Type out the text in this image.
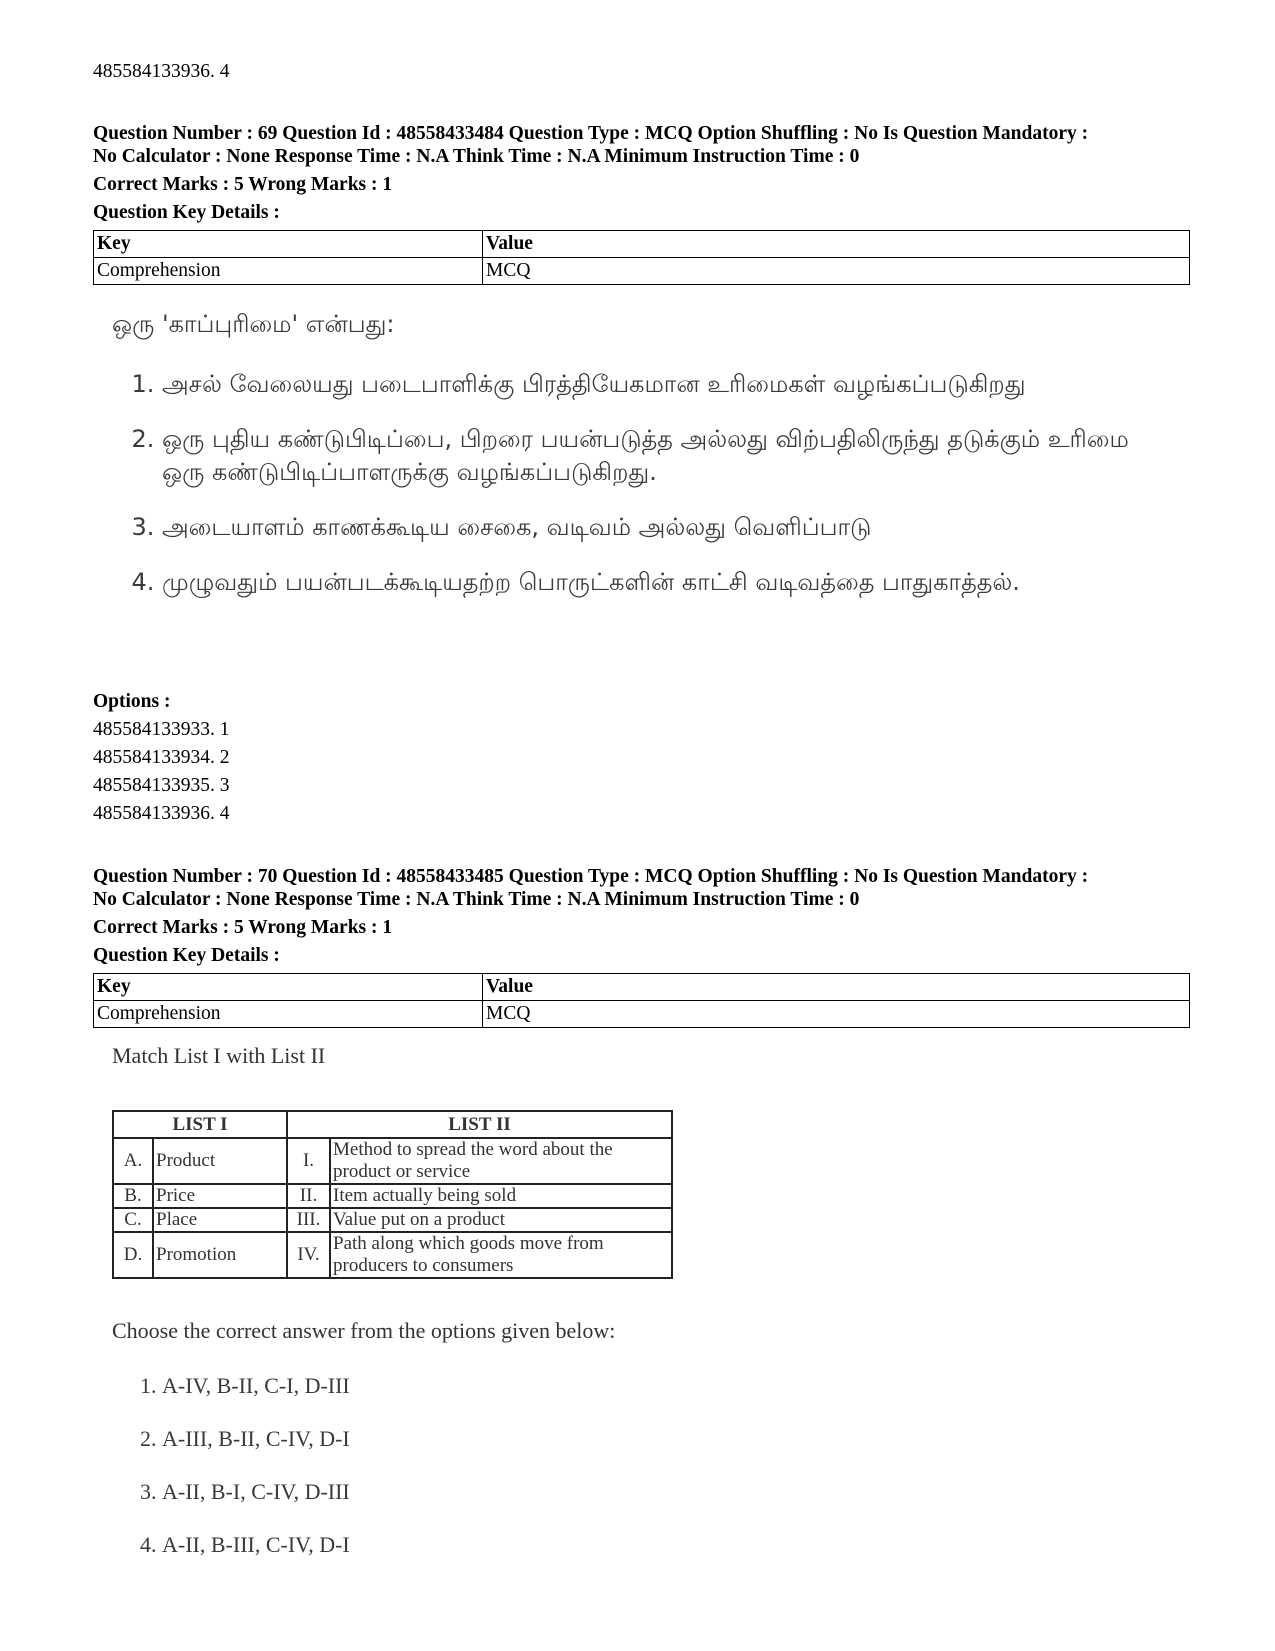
485584133936. 4
Question Number : 69 Question Id : 48558433484 Question Type : MCQ Option Shuffling : No Is Question Mandatory :
No Calculator : None Response Time : N.A Think Time : N.A Minimum Instruction Time : 0
Correct Marks : 5 Wrong Marks : 1
Question Key Details :
Key	Value
Comprehension	MCQ
ஒரு 'காப்புரிமை' என்பது:
1. அசல் வேலையது படைபாளிக்கு பிரத்தியேகமான உரிமைகள் வழங்கப்படுகிறது
2. ஒரு புதிய கண்டுபிடிப்பை, பிறரை பயன்படுத்த அல்லது விற்பதிலிருந்து தடுக்கும் உரிமை ஒரு கண்டுபிடிப்பாளருக்கு வழங்கப்படுகிறது.
3. அடையாளம் காணக்கூடிய சைகை, வடிவம் அல்லது வெளிப்பாடு
4. முழுவதும் பயன்படக்கூடியதற்ற பொருட்களின் காட்சி வடிவத்தை பாதுகாத்தல்.
Options :
485584133933. 1
485584133934. 2
485584133935. 3
485584133936. 4
Question Number : 70 Question Id : 48558433485 Question Type : MCQ Option Shuffling : No Is Question Mandatory :
No Calculator : None Response Time : N.A Think Time : N.A Minimum Instruction Time : 0
Correct Marks : 5 Wrong Marks : 1
Question Key Details :
Key	Value
Comprehension	MCQ
Match List I with List II
LIST I		LIST II	
A.	Product	I.	Method to spread the word about the product or service
B.	Price	II.	Item actually being sold
C.	Place	III.	Value put on a product
D.	Promotion	IV.	Path along which goods move from producers to consumers
Choose the correct answer from the options given below:
1. A-IV, B-II, C-I, D-III
2. A-III, B-II, C-IV, D-I
3. A-II, B-I, C-IV, D-III
4. A-II, B-III, C-IV, D-I
